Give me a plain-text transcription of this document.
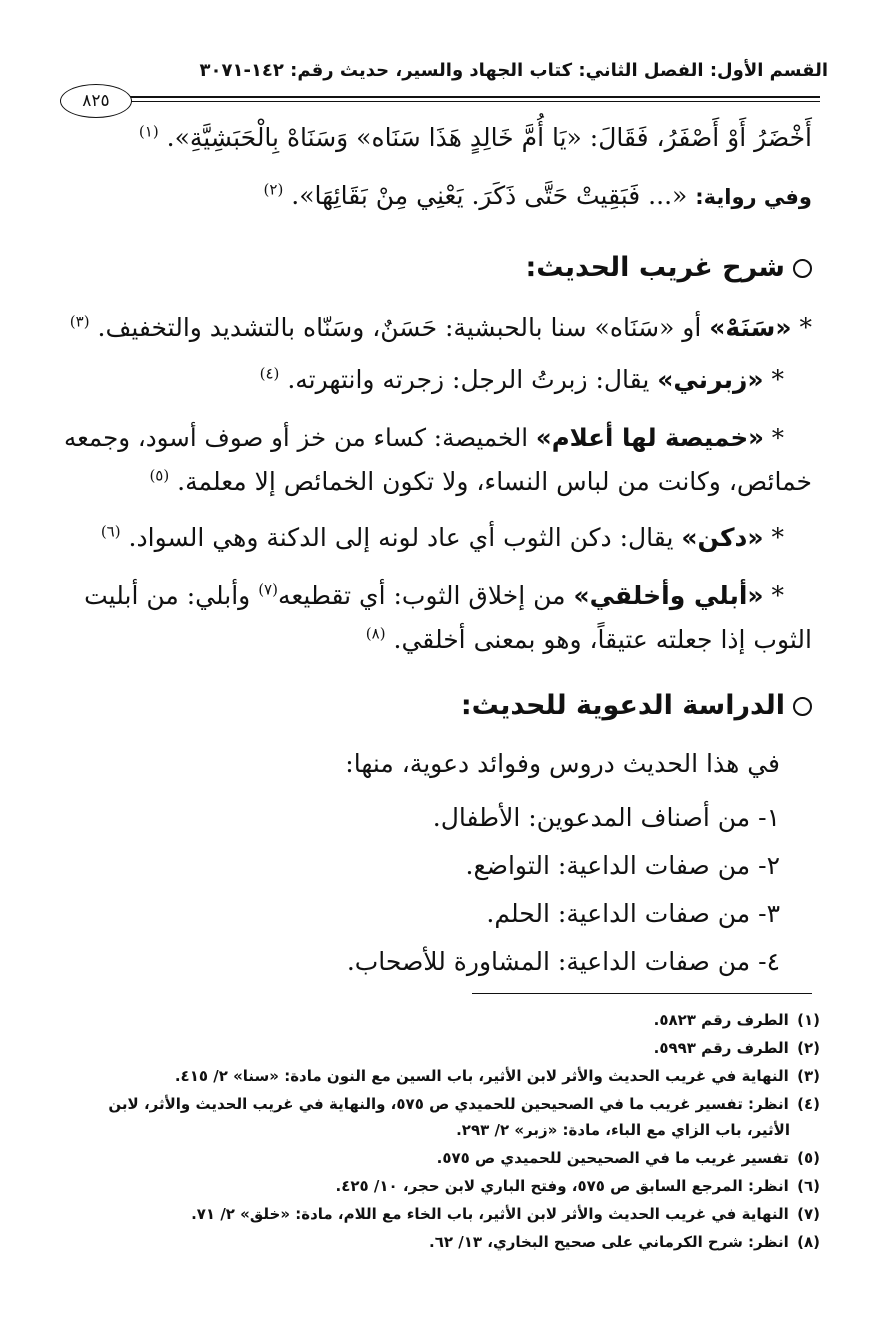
القسم الأول: الفصل الثاني: كتاب الجهاد والسير، حديث رقم: ١٤٢-٣٠٧١
٨٢٥
أَخْضَرُ أَوْ أَصْفَرُ، فَقَالَ: «يَا أُمَّ خَالِدٍ هَذَا سَنَاه» وَسَنَاهْ بِالْحَبَشِيَّةِ». $^{(١)}$
وفي رواية: «... فَبَقِيتْ حَتَّى ذَكَرَ. يَعْنِي مِنْ بَقَائِهَا». $^{(٢)}$
شرح غريب الحديث:
* «سَنَهْ» أو «سَنَاه» سنا بالحبشية: حَسَنٌ، وسَنّاه بالتشديد والتخفيف. $^{(٣)}$
* «زبرني» يقال: زبرتُ الرجل: زجرته وانتهرته. $^{(٤)}$
* «خميصة لها أعلام» الخميصة: كساء من خز أو صوف أسود، وجمعه
خمائص، وكانت من لباس النساء، ولا تكون الخمائص إلا معلمة. $^{(٥)}$
* «دكن» يقال: دكن الثوب أي عاد لونه إلى الدكنة وهي السواد. $^{(٦)}$
* «أبلي وأخلقي» من إخلاق الثوب: أي تقطيعه$^{(٧)}$ وأبلي: من أبليت
الثوب إذا جعلته عتيقاً، وهو بمعنى أخلقي. $^{(٨)}$
الدراسة الدعوية للحديث:
في هذا الحديث دروس وفوائد دعوية، منها:
١- من أصناف المدعوين: الأطفال.
٢- من صفات الداعية: التواضع.
٣- من صفات الداعية: الحلم.
٤- من صفات الداعية: المشاورة للأصحاب.
(١) الطرف رقم ٥٨٢٣.
(٢) الطرف رقم ٥٩٩٣.
(٣) النهاية في غريب الحديث والأثر لابن الأثير، باب السين مع النون مادة: «سنا» ٢/ ٤١٥.
(٤) انظر: تفسير غريب ما في الصحيحين للحميدي ص ٥٧٥، والنهاية في غريب الحديث والأثر، لابن
الأثير، باب الزاي مع الباء، مادة: «زبر» ٢/ ٢٩٣.
(٥) تفسير غريب ما في الصحيحين للحميدي ص ٥٧٥.
(٦) انظر: المرجع السابق ص ٥٧٥، وفتح الباري لابن حجر، ١٠/ ٤٢٥.
(٧) النهاية في غريب الحديث والأثر لابن الأثير، باب الخاء مع اللام، مادة: «خلق» ٢/ ٧١.
(٨) انظر: شرح الكرماني على صحيح البخاري، ١٣/ ٦٢.
